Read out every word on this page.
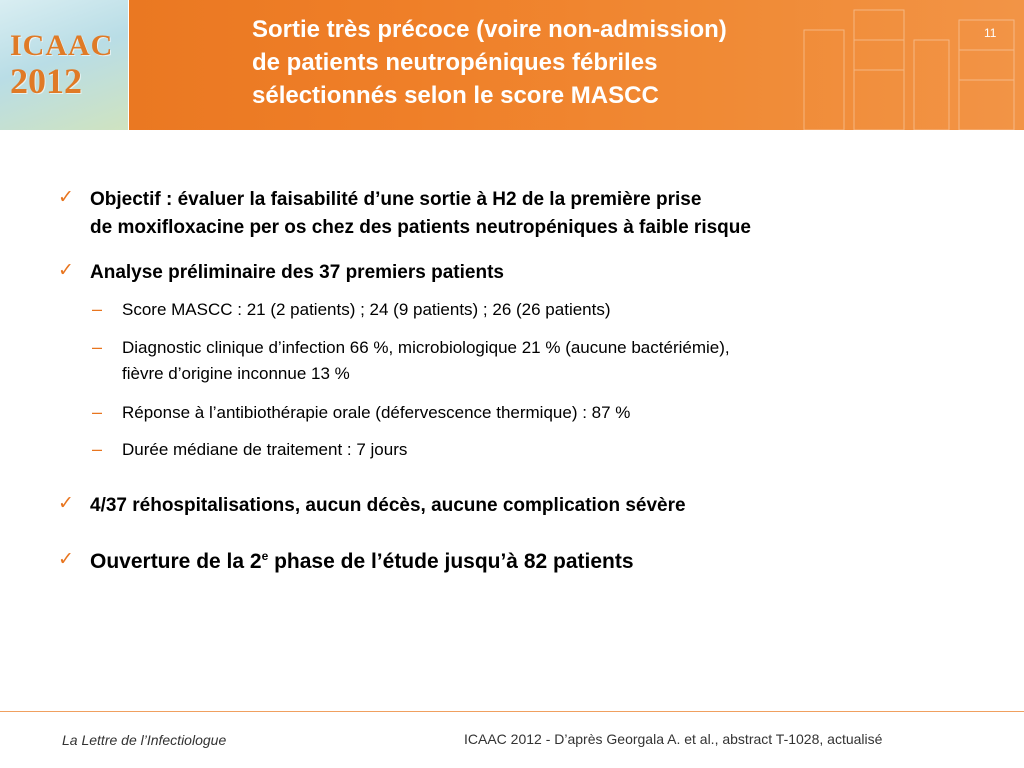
ICAAC
2012
Sortie très précoce (voire non-admission)
de patients neutropéniques fébriles
sélectionnés selon le score MASCC
11
✓ Objectif : évaluer la faisabilité d’une sortie à H2 de la première prise
de moxifloxacine per os chez des patients neutropéniques à faible risque
✓ Analyse préliminaire des 37 premiers patients
– Score MASCC : 21 (2 patients) ; 24 (9 patients) ; 26 (26 patients)
– Diagnostic clinique d’infection 66 %, microbiologique 21 % (aucune bactériémie),
fièvre d’origine inconnue 13 %
– Réponse à l’antibiothérapie orale (défervescence thermique) : 87 %
– Durée médiane de traitement : 7 jours
✓ 4/37 réhospitalisations, aucun décès, aucune complication sévère
✓ Ouverture de la 2e phase de l’étude jusqu’à 82 patients
La Lettre de l’Infectiologue	ICAAC 2012 - D’après Georgala A. et al., abstract T-1028, actualisé
